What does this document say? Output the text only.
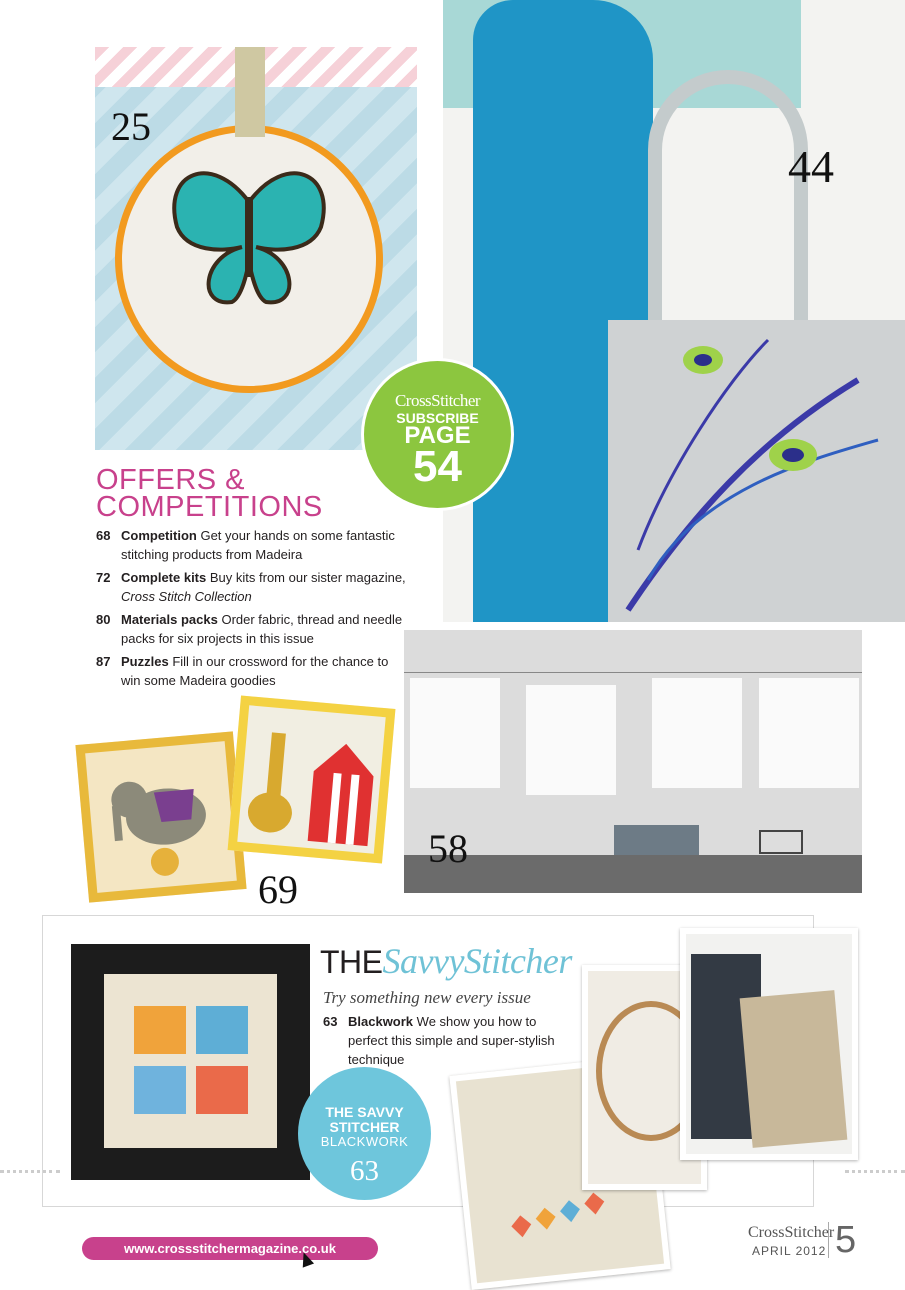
25
44
CrossStitcher
SUBSCRIBE
PAGE
54
OFFERS &
COMPETITIONS
68 Competition Get your hands on some fantastic stitching products from Madeira
72 Complete kits Buy kits from our sister magazine, Cross Stitch Collection
80 Materials packs Order fabric, thread and needle packs for six projects in this issue
87 Puzzles Fill in our crossword for the chance to win some Madeira goodies
69
58
THESavvyStitcher
Try something new every issue
63 Blackwork We show you how to perfect this simple and super-stylish technique
THE SAVVY
STITCHER
BLACKWORK
63
www.crossstitchermagazine.co.uk
CrossStitcher
APRIL 2012 5
